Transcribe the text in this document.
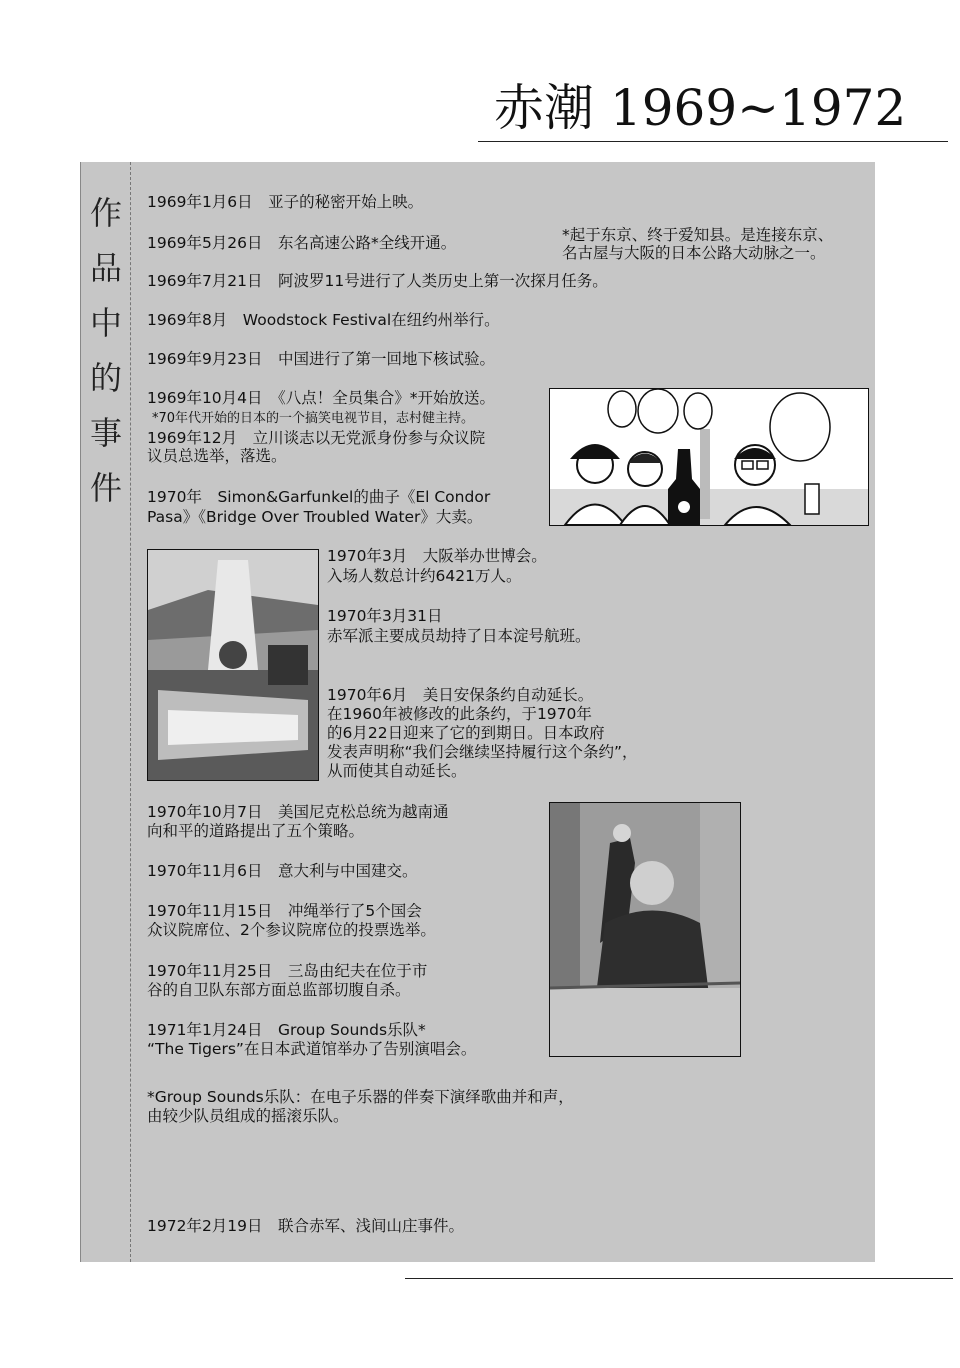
赤潮 1969~1972
作
品
中
的
事
件
1969年1月6日　亚子的秘密开始上映。
1969年5月26日　东名高速公路*全线开通。	*起于东京、终于爱知县。是连接东京、
名古屋与大阪的日本公路大动脉之一。
1969年7月21日　阿波罗11号进行了人类历史上第一次探月任务。
1969年8月　Woodstock Festival在纽约州举行。
1969年9月23日　中国进行了第一回地下核试验。
1969年10月4日　《八点！全员集合》*开始放送。
*70年代开始的日本的一个搞笑电视节目，志村健主持。
1969年12月　立川谈志以无党派身份参与众议院
议员总选举，落选。
1970年　Simon&Garfunkel的曲子《El Condor
Pasa》《Bridge Over Troubled Water》大卖。
1970年3月　大阪举办世博会。
入场人数总计约6421万人。
1970年3月31日
赤军派主要成员劫持了日本淀号航班。
1970年6月　美日安保条约自动延长。
在1960年被修改的此条约，于1970年
的6月22日迎来了它的到期日。日本政府
发表声明称“我们会继续坚持履行这个条约”，
从而使其自动延长。
1970年10月7日　美国尼克松总统为越南通
向和平的道路提出了五个策略。
1970年11月6日　意大利与中国建交。
1970年11月15日　冲绳举行了5个国会
众议院席位、2个参议院席位的投票选举。
1970年11月25日　三岛由纪夫在位于市
谷的自卫队东部方面总监部切腹自杀。
1971年1月24日　Group Sounds乐队*
“The Tigers”在日本武道馆举办了告别演唱会。
*Group Sounds乐队：在电子乐器的伴奏下演绎歌曲并和声，
由较少队员组成的摇滚乐队。
1972年2月19日　联合赤军、浅间山庄事件。
